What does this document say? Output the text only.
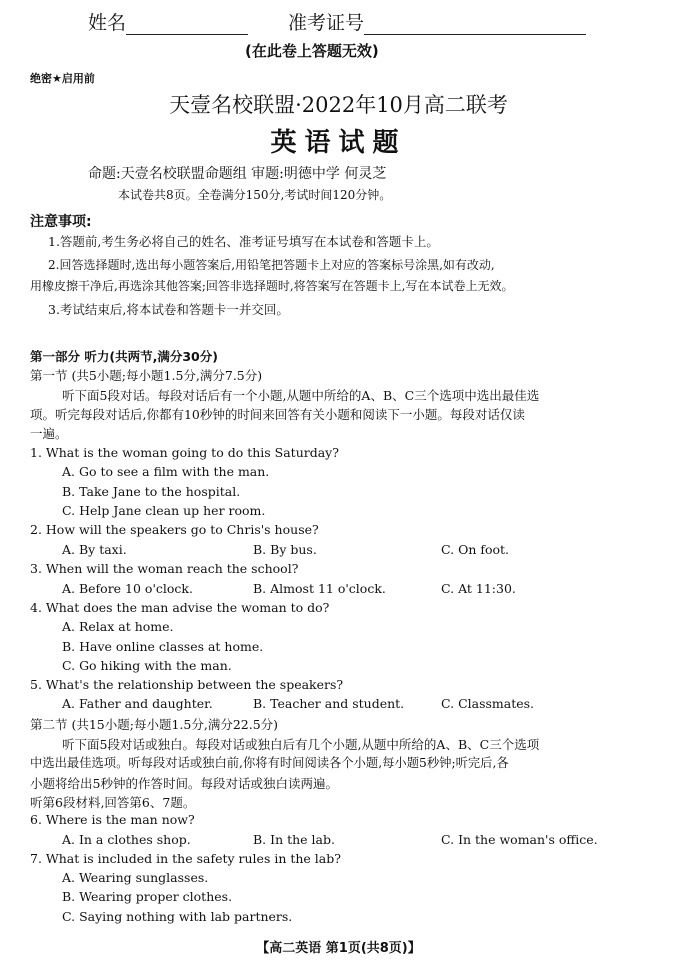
姓名	准考证号
(在此卷上答题无效)
绝密★启用前
天壹名校联盟·2022年10月高二联考
英语试题
命题:天壹名校联盟命题组 审题:明德中学 何灵芝
本试卷共8页。全卷满分150分,考试时间120分钟。
注意事项:
1.答题前,考生务必将自己的姓名、准考证号填写在本试卷和答题卡上。
2.回答选择题时,选出每小题答案后,用铅笔把答题卡上对应的答案标号涂黑,如有改动,
用橡皮擦干净后,再选涂其他答案;回答非选择题时,将答案写在答题卡上,写在本试卷上无效。
3.考试结束后,将本试卷和答题卡一并交回。
第一部分 听力(共两节,满分30分)
第一节 (共5小题;每小题1.5分,满分7.5分)
听下面5段对话。每段对话后有一个小题,从题中所给的A、B、C三个选项中选出最佳选
项。听完每段对话后,你都有10秒钟的时间来回答有关小题和阅读下一小题。每段对话仅读
一遍。
1. What is the woman going to do this Saturday?
A. Go to see a film with the man.
B. Take Jane to the hospital.
C. Help Jane clean up her room.
2. How will the speakers go to Chris's house?
A. By taxi.	B. By bus.	C. On foot.
3. When will the woman reach the school?
A. Before 10 o'clock.	B. Almost 11 o'clock.	C. At 11:30.
4. What does the man advise the woman to do?
A. Relax at home.
B. Have online classes at home.
C. Go hiking with the man.
5. What's the relationship between the speakers?
A. Father and daughter.	B. Teacher and student.	C. Classmates.
第二节 (共15小题;每小题1.5分,满分22.5分)
听下面5段对话或独白。每段对话或独白后有几个小题,从题中所给的A、B、C三个选项
中选出最佳选项。听每段对话或独白前,你将有时间阅读各个小题,每小题5秒钟;听完后,各
小题将给出5秒钟的作答时间。每段对话或独白读两遍。
听第6段材料,回答第6、7题。
6. Where is the man now?
A. In a clothes shop.	B. In the lab.	C. In the woman's office.
7. What is included in the safety rules in the lab?
A. Wearing sunglasses.
B. Wearing proper clothes.
C. Saying nothing with lab partners.
【高二英语 第1页(共8页)】
